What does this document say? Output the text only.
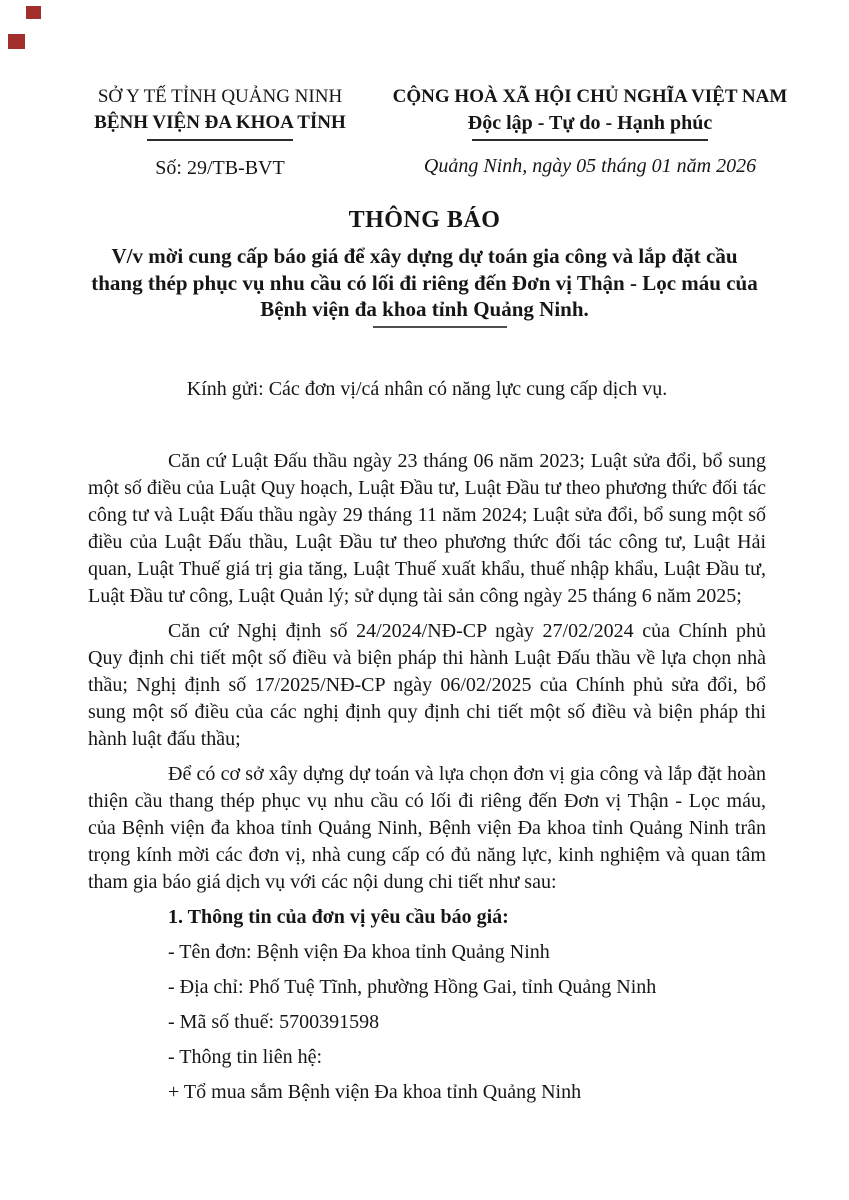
SỞ Y TẾ TỈNH QUẢNG NINH
BỆNH VIỆN ĐA KHOA TỈNH
Số: 29/TB-BVT
CỘNG HOÀ XÃ HỘI CHỦ NGHĨA VIỆT NAM
Độc lập - Tự do - Hạnh phúc
Quảng Ninh, ngày 05 tháng 01 năm 2026
THÔNG BÁO
V/v mời cung cấp báo giá để xây dựng dự toán gia công và lắp đặt cầu thang thép phục vụ nhu cầu có lối đi riêng đến Đơn vị Thận - Lọc máu của Bệnh viện đa khoa tỉnh Quảng Ninh.
Kính gửi: Các đơn vị/cá nhân có năng lực cung cấp dịch vụ.

Căn cứ Luật Đấu thầu ngày 23 tháng 06 năm 2023; Luật sửa đổi, bổ sung một số điều của Luật Quy hoạch, Luật Đầu tư, Luật Đầu tư theo phương thức đối tác công tư và Luật Đấu thầu ngày 29 tháng 11 năm 2024; Luật sửa đổi, bổ sung một số điều của Luật Đấu thầu, Luật Đầu tư theo phương thức đối tác công tư, Luật Hải quan, Luật Thuế giá trị gia tăng, Luật Thuế xuất khẩu, thuế nhập khẩu, Luật Đầu tư, Luật Đầu tư công, Luật Quản lý; sử dụng tài sản công ngày 25 tháng 6 năm 2025;

Căn cứ Nghị định số 24/2024/NĐ-CP ngày 27/02/2024 của Chính phủ Quy định chi tiết một số điều và biện pháp thi hành Luật Đấu thầu về lựa chọn nhà thầu; Nghị định số 17/2025/NĐ-CP ngày 06/02/2025 của Chính phủ sửa đổi, bổ sung một số điều của các nghị định quy định chi tiết một số điều và biện pháp thi hành luật đấu thầu;

Để có cơ sở xây dựng dự toán và lựa chọn đơn vị gia công và lắp đặt hoàn thiện cầu thang thép phục vụ nhu cầu có lối đi riêng đến Đơn vị Thận - Lọc máu, của Bệnh viện đa khoa tỉnh Quảng Ninh, Bệnh viện Đa khoa tỉnh Quảng Ninh trân trọng kính mời các đơn vị, nhà cung cấp có đủ năng lực, kinh nghiệm và quan tâm tham gia báo giá dịch vụ với các nội dung chi tiết như sau:

1. Thông tin của đơn vị yêu cầu báo giá:

- Tên đơn: Bệnh viện Đa khoa tỉnh Quảng Ninh

- Địa chỉ: Phố Tuệ Tĩnh, phường Hồng Gai, tỉnh Quảng Ninh

- Mã số thuế: 5700391598

- Thông tin liên hệ:

+ Tổ mua sắm Bệnh viện Đa khoa tỉnh Quảng Ninh
